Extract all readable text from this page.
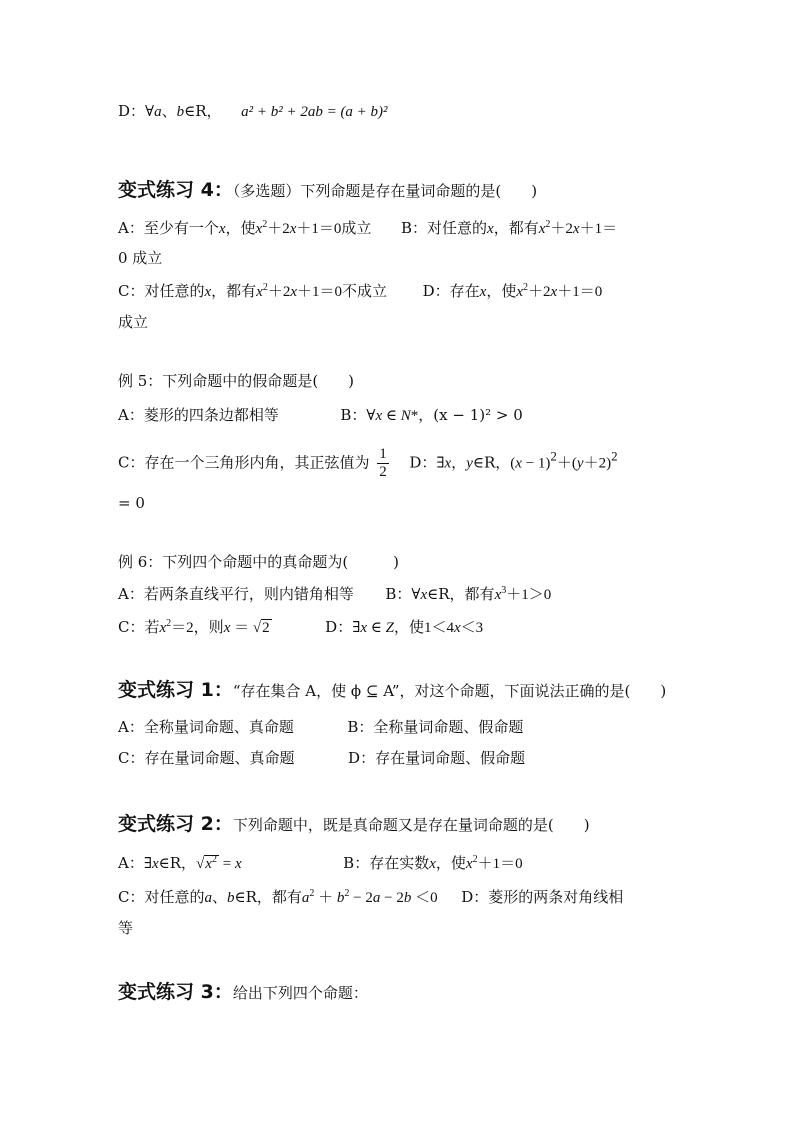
D：∀a、b∈R， a² + b² + 2ab = (a + b)²
变式练习 4：（多选题）下列命题是存在量词命题的是(　　)
A：至少有一个x，使$x^2+2x+1=0$成立 B：对任意的x，都有$x^2+2x+1=$
0 成立
C：对任意的x，都有$x^2+2x+1=0$不成立 D：存在x，使$x^2+2x+1=0$
成立
例 5：下列命题中的假命题是(　　)
A：菱形的四条边都相等	B：∀x ∈ N*，(x − 1)² > 0
C：存在一个三角形内角，其正弦值为 $\frac{1}{2}$ D：∃x，y∈R，$(x - 1)^2+(y+2)^2$
= 0
例 6：下列四个命题中的真命题为(　　　)
A：若两条直线平行，则内错角相等 B：∀x∈R，都有$x^3+1>0$
C：若$x^2=2$，则x ＝ √2	D：∃x ∈ Z，使1＜4x＜3
变式练习 1：“存在集合 A，使 ϕ ⊆ A”，对这个命题，下面说法正确的是(　　)
A：全称量词命题、真命题	B：全称量词命题、假命题
C：存在量词命题、真命题	D：存在量词命题、假命题
变式练习 2：下列命题中，既是真命题又是存在量词命题的是(　　)
A：∃x∈R，$√x^2 = x$	B：存在实数x，使$x^2+1=0$
C：对任意的a、b∈R，都有$a^2 + b^2 - 2a - 2b <0$ D：菱形的两条对角线相
等
变式练习 3：给出下列四个命题：
